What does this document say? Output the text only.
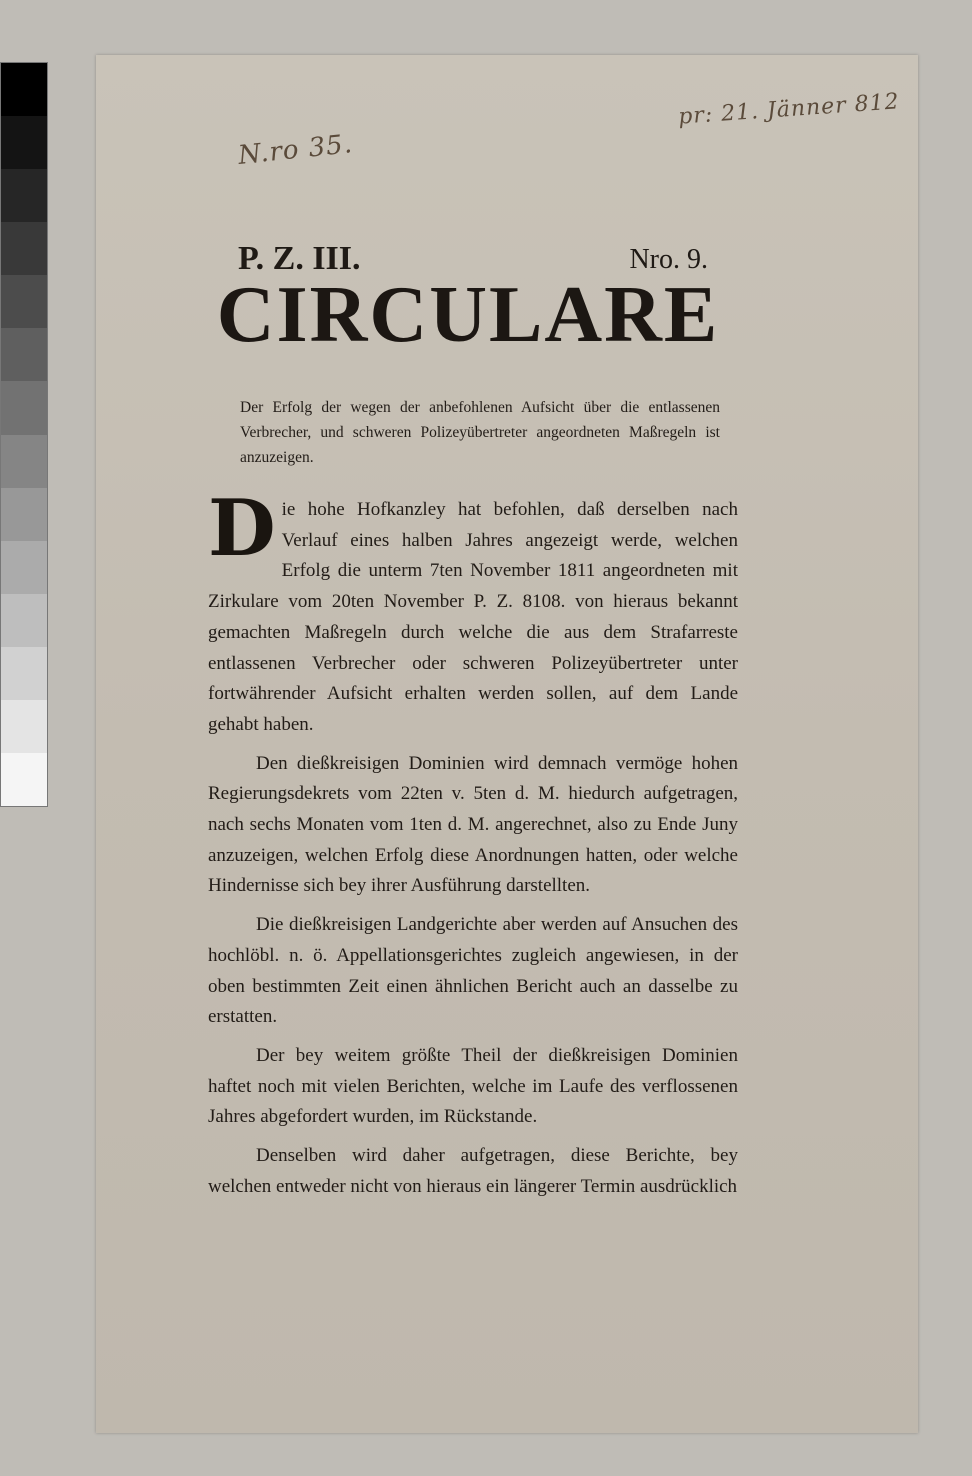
pr: 21. Jänner 812
N.ro 35.
P. Z. III.	Nro. 9.
CIRCULARE
Der Erfolg der wegen der anbefohlenen Aufsicht über die entlassenen Verbrecher, und schweren Polizeyübertreter angeordneten Maßregeln ist anzuzeigen.

Die hohe Hofkanzley hat befohlen, daß derselben nach Verlauf eines halben Jahres angezeigt werde, welchen Erfolg die unterm 7ten November 1811 angeordneten mit Zirkulare vom 20ten November P. Z. 8108. von hieraus bekannt gemachten Maßregeln durch welche die aus dem Strafarreste entlassenen Verbrecher oder schweren Polizeyübertreter unter fortwährender Aufsicht erhalten werden sollen, auf dem Lande gehabt haben.

Den dießkreisigen Dominien wird demnach vermöge hohen Regierungsdekrets vom 22ten v. 5ten d. M. hiedurch aufgetragen, nach sechs Monaten vom 1ten d. M. angerechnet, also zu Ende Juny anzuzeigen, welchen Erfolg diese Anordnungen hatten, oder welche Hindernisse sich bey ihrer Ausführung darstellten.

Die dießkreisigen Landgerichte aber werden auf Ansuchen des hochlöbl. n. ö. Appellationsgerichtes zugleich angewiesen, in der oben bestimmten Zeit einen ähnlichen Bericht auch an dasselbe zu erstatten.

Der bey weitem größte Theil der dießkreisigen Dominien haftet noch mit vielen Berichten, welche im Laufe des verflossenen Jahres abgefordert wurden, im Rückstande.

Denselben wird daher aufgetragen, diese Berichte, bey welchen entweder nicht von hieraus ein längerer Termin ausdrücklich
